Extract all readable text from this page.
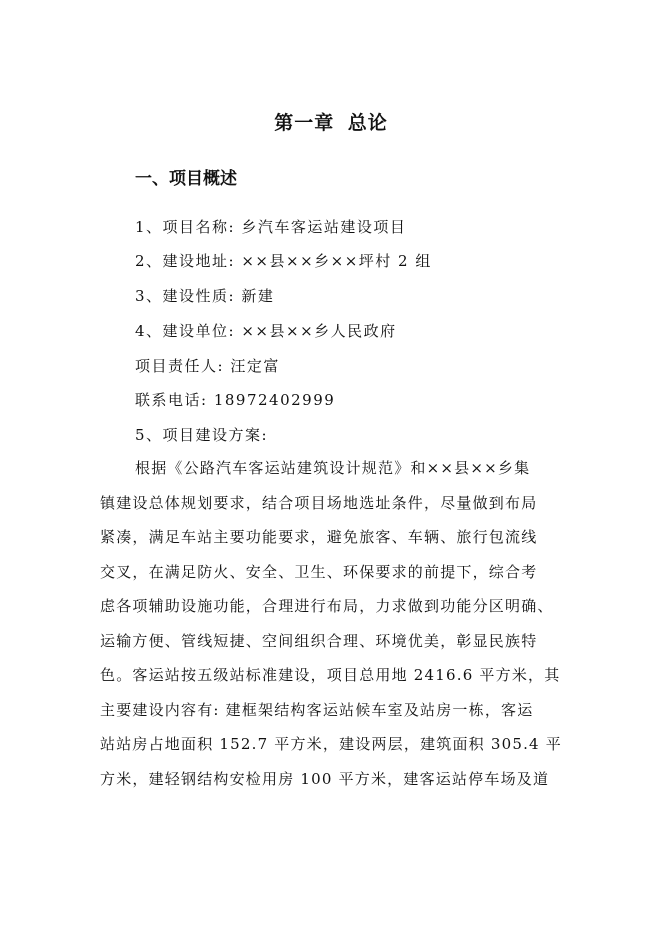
第一章 总论
一、项目概述
1、项目名称: 乡汽车客运站建设项目
2、建设地址: ××县××乡××坪村 2 组
3、建设性质: 新建
4、建设单位: ××县××乡人民政府
项目责任人: 汪定富
联系电话: 18972402999
5、项目建设方案:
根据《公路汽车客运站建筑设计规范》和××县××乡集
镇建设总体规划要求，结合项目场地选址条件，尽量做到布局
紧凑，满足车站主要功能要求，避免旅客、车辆、旅行包流线
交叉，在满足防火、安全、卫生、环保要求的前提下，综合考
虑各项辅助设施功能，合理进行布局，力求做到功能分区明确、
运输方便、管线短捷、空间组织合理、环境优美，彰显民族特
色。客运站按五级站标准建设，项目总用地 2416.6 平方米，其
主要建设内容有: 建框架结构客运站候车室及站房一栋，客运
站站房占地面积 152.7 平方米，建设两层，建筑面积 305.4 平
方米，建轻钢结构安检用房 100 平方米，建客运站停车场及道
